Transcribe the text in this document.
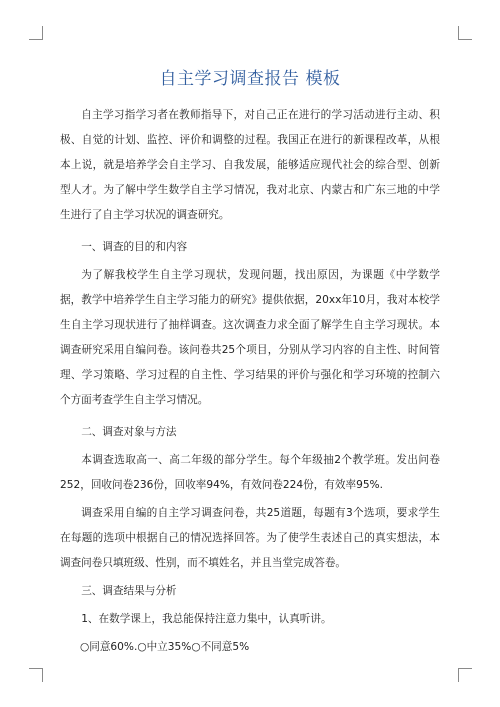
自主学习调查报告 模板

自主学习指学习者在教师指导下，对自己正在进行的学习活动进行主动、积极、自觉的计划、监控、评价和调整的过程。我国正在进行的新课程改革，从根本上说，就是培养学会自主学习、自我发展，能够适应现代社会的综合型、创新型人才。为了解中学生数学自主学习情况，我对北京、内蒙古和广东三地的中学生进行了自主学习状况的调查研究。

一、调查的目的和内容

为了解我校学生自主学习现状，发现问题，找出原因，为课题《中学数学据，教学中培养学生自主学习能力的研究》提供依据，20xx年10月，我对本校学生自主学习现状进行了抽样调查。这次调查力求全面了解学生自主学习现状。本调查研究采用自编问卷。该问卷共25个项目，分别从学习内容的自主性、时间管理、学习策略、学习过程的自主性、学习结果的评价与强化和学习环境的控制六个方面考查学生自主学习情况。

二、调查对象与方法

本调查选取高一、高二年级的部分学生。每个年级抽2个教学班。发出问卷252，回收问卷236份，回收率94%，有效问卷224份，有效率95%.

调查采用自编的自主学习调查问卷，共25道题，每题有3个选项，要求学生在每题的选项中根据自己的情况选择回答。为了使学生表述自己的真实想法，本调查问卷只填班级、性别，而不填姓名，并且当堂完成答卷。

三、调查结果与分析

1、在数学课上，我总能保持注意力集中，认真听讲。

○同意60%.○中立35%○不同意5%
